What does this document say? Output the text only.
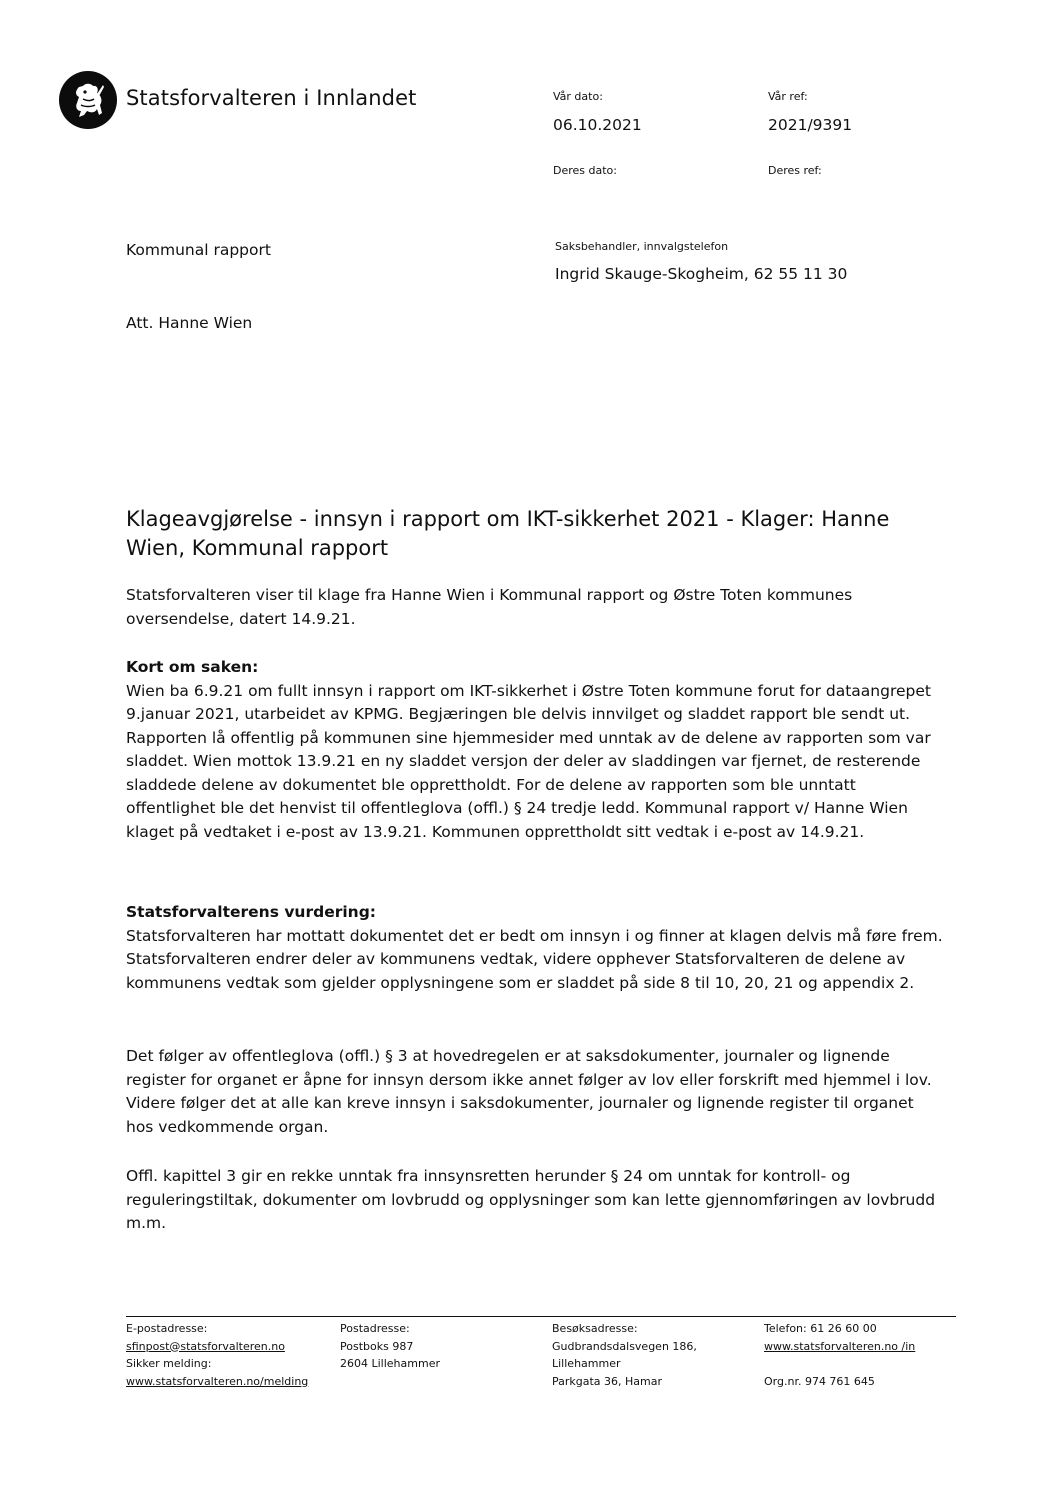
Statsforvalteren i Innlandet	Vår dato:
06.10.2021
Vår ref:
2021/9391
Deres dato:	Deres ref:
Saksbehandler, innvalgstelefon
Ingrid Skauge-Skogheim, 62 55 11 30
Kommunal rapport
Att. Hanne Wien
Klageavgjørelse - innsyn i rapport om IKT-sikkerhet 2021 - Klager: Hanne Wien, Kommunal rapport

Statsforvalteren viser til klage fra Hanne Wien i Kommunal rapport og Østre Toten kommunes oversendelse, datert 14.9.21.

Kort om saken:

Wien ba 6.9.21 om fullt innsyn i rapport om IKT-sikkerhet i Østre Toten kommune forut for dataangrepet 9.januar 2021, utarbeidet av KPMG. Begjæringen ble delvis innvilget og sladdet rapport ble sendt ut. Rapporten lå offentlig på kommunen sine hjemmesider med unntak av de delene av rapporten som var sladdet. Wien mottok 13.9.21 en ny sladdet versjon der deler av sladdingen var fjernet, de resterende sladdede delene av dokumentet ble opprettholdt. For de delene av rapporten som ble unntatt offentlighet ble det henvist til offentleglova (offl.) § 24 tredje ledd. Kommunal rapport v/ Hanne Wien klaget på vedtaket i e-post av 13.9.21. Kommunen opprettholdt sitt vedtak i e-post av 14.9.21.

Statsforvalterens vurdering:

Statsforvalteren har mottatt dokumentet det er bedt om innsyn i og finner at klagen delvis må føre frem. Statsforvalteren endrer deler av kommunens vedtak, videre opphever Statsforvalteren de delene av kommunens vedtak som gjelder opplysningene som er sladdet på side 8 til 10, 20, 21 og appendix 2.

Det følger av offentleglova (offl.) § 3 at hovedregelen er at saksdokumenter, journaler og lignende register for organet er åpne for innsyn dersom ikke annet følger av lov eller forskrift med hjemmel i lov. Videre følger det at alle kan kreve innsyn i saksdokumenter, journaler og lignende register til organet hos vedkommende organ.

Offl. kapittel 3 gir en rekke unntak fra innsynsretten herunder § 24 om unntak for kontroll- og reguleringstiltak, dokumenter om lovbrudd og opplysninger som kan lette gjennomføringen av lovbrudd m.m.

E-postadresse:
sfinpost@statsforvalteren.no
Sikker melding:
www.statsforvalteren.no/melding
Postadresse:
Postboks 987
2604 Lillehammer
Besøksadresse:
Gudbrandsdalsvegen 186,
Lillehammer
Parkgata 36, Hamar
Telefon: 61 26 60 00
www.statsforvalteren.no /in
Org.nr. 974 761 645
